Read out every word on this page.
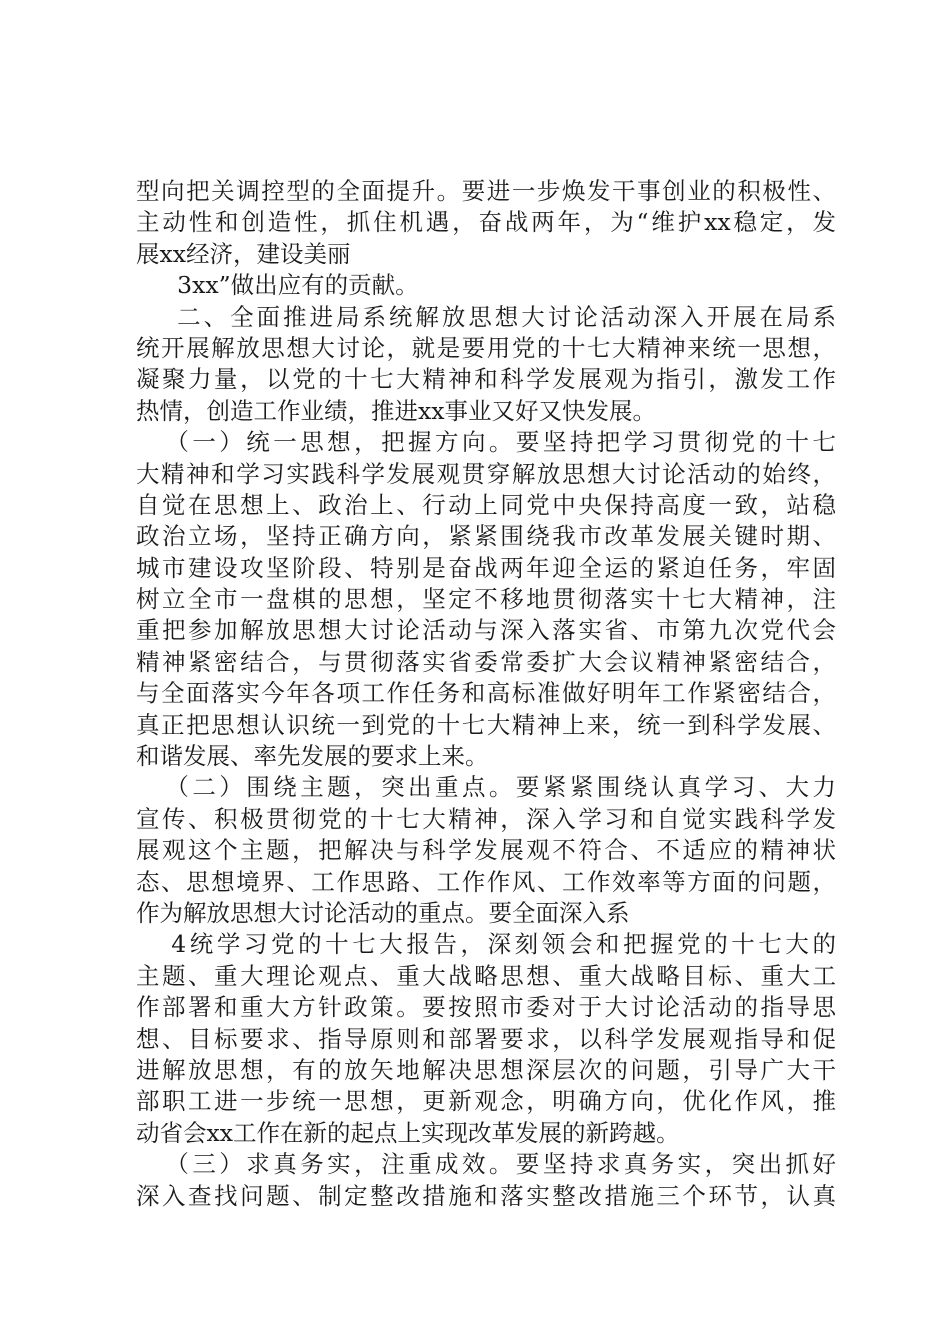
型向把关调控型的全面提升。要进一步焕发干事创业的积极性、
主动性和创造性，抓住机遇，奋战两年，为“维护xx稳定，发
展xx经济，建设美丽
3xx”做出应有的贡献。
二、全面推进局系统解放思想大讨论活动深入开展在局系
统开展解放思想大讨论，就是要用党的十七大精神来统一思想，
凝聚力量，以党的十七大精神和科学发展观为指引，激发工作
热情，创造工作业绩，推进xx事业又好又快发展。
（一）统一思想，把握方向。要坚持把学习贯彻党的十七
大精神和学习实践科学发展观贯穿解放思想大讨论活动的始终，
自觉在思想上、政治上、行动上同党中央保持高度一致，站稳
政治立场，坚持正确方向，紧紧围绕我市改革发展关键时期、
城市建设攻坚阶段、特别是奋战两年迎全运的紧迫任务，牢固
树立全市一盘棋的思想，坚定不移地贯彻落实十七大精神，注
重把参加解放思想大讨论活动与深入落实省、市第九次党代会
精神紧密结合，与贯彻落实省委常委扩大会议精神紧密结合，
与全面落实今年各项工作任务和高标准做好明年工作紧密结合，
真正把思想认识统一到党的十七大精神上来，统一到科学发展、
和谐发展、率先发展的要求上来。
（二）围绕主题，突出重点。要紧紧围绕认真学习、大力
宣传、积极贯彻党的十七大精神，深入学习和自觉实践科学发
展观这个主题，把解决与科学发展观不符合、不适应的精神状
态、思想境界、工作思路、工作作风、工作效率等方面的问题，
作为解放思想大讨论活动的重点。要全面深入系
4统学习党的十七大报告，深刻领会和把握党的十七大的
主题、重大理论观点、重大战略思想、重大战略目标、重大工
作部署和重大方针政策。要按照市委对于大讨论活动的指导思
想、目标要求、指导原则和部署要求，以科学发展观指导和促
进解放思想，有的放矢地解决思想深层次的问题，引导广大干
部职工进一步统一思想，更新观念，明确方向，优化作风，推
动省会xx工作在新的起点上实现改革发展的新跨越。
（三）求真务实，注重成效。要坚持求真务实，突出抓好
深入查找问题、制定整改措施和落实整改措施三个环节，认真
